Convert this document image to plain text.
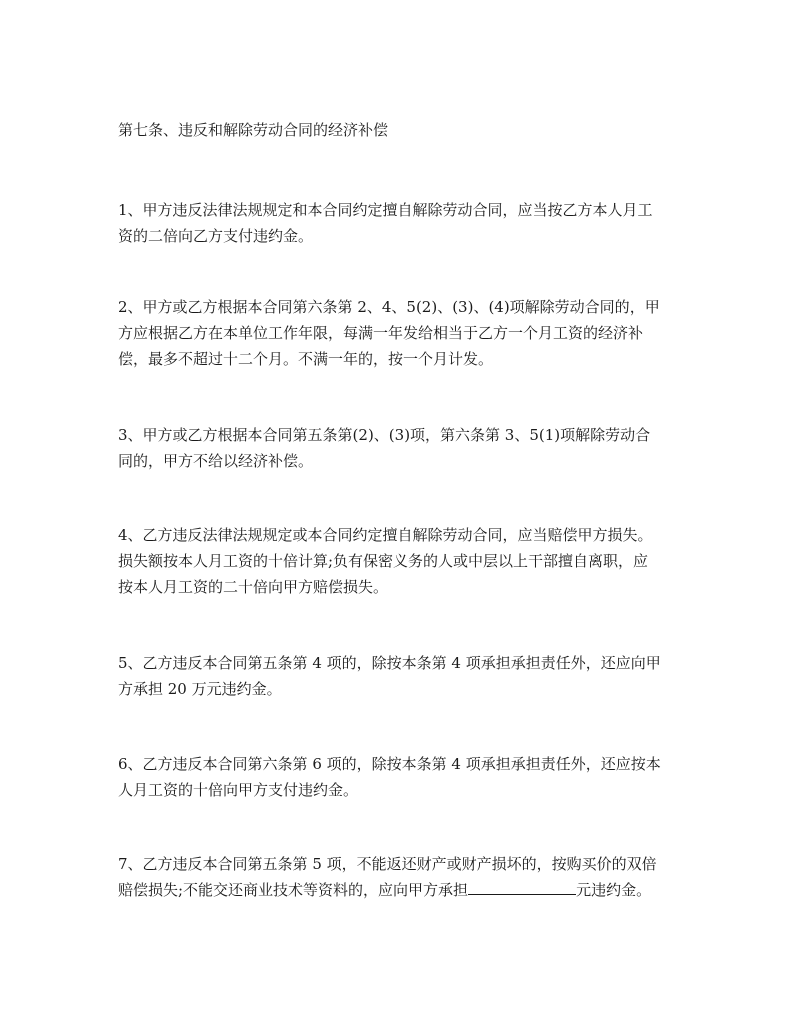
第七条、违反和解除劳动合同的经济补偿
1、甲方违反法律法规规定和本合同约定擅自解除劳动合同，应当按乙方本人月工
资的二倍向乙方支付违约金。
2、甲方或乙方根据本合同第六条第 2、4、5(2)、(3)、(4)项解除劳动合同的，甲
方应根据乙方在本单位工作年限，每满一年发给相当于乙方一个月工资的经济补
偿，最多不超过十二个月。不满一年的，按一个月计发。
3、甲方或乙方根据本合同第五条第(2)、(3)项，第六条第 3、5(1)项解除劳动合
同的，甲方不给以经济补偿。
4、乙方违反法律法规规定或本合同约定擅自解除劳动合同，应当赔偿甲方损失。
损失额按本人月工资的十倍计算;负有保密义务的人或中层以上干部擅自离职，应
按本人月工资的二十倍向甲方赔偿损失。
5、乙方违反本合同第五条第 4 项的，除按本条第 4 项承担承担责任外，还应向甲
方承担 20 万元违约金。
6、乙方违反本合同第六条第 6 项的，除按本条第 4 项承担承担责任外，还应按本
人月工资的十倍向甲方支付违约金。
7、乙方违反本合同第五条第 5 项，不能返还财产或财产损坏的，按购买价的双倍
赔偿损失;不能交还商业技术等资料的，应向甲方承担	元违约金。
